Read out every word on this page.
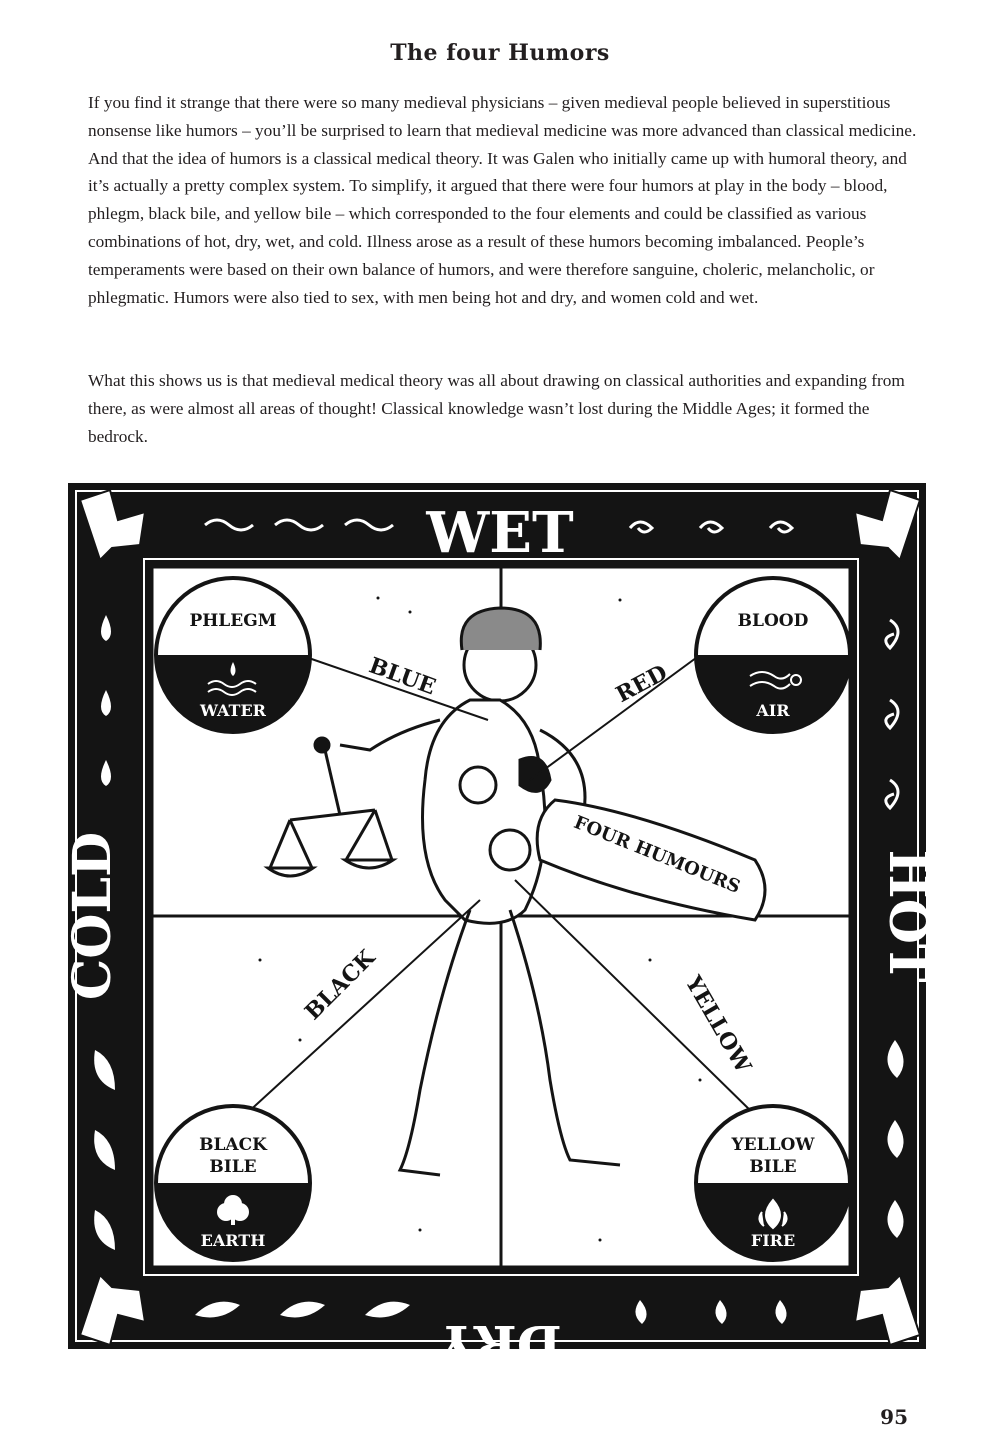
The four Humors

If you find it strange that there were so many medieval physicians – given medieval people believed in superstitious nonsense like humors – you’ll be surprised to learn that medieval medicine was more advanced than classical medicine. And that the idea of humors is a classical medical theory. It was Galen who initially came up with humoral theory, and it’s actually a pretty complex system. To simplify, it argued that there were four humors at play in the body – blood, phlegm, black bile, and yellow bile – which corresponded to the four elements and could be classified as various combinations of hot, dry, wet, and cold. Illness arose as a result of these humors becoming imbalanced. People’s temperaments were based on their own balance of humors, and were therefore sanguine, choleric, melancholic, or phlegmatic. Humors were also tied to sex, with men being hot and dry, and women cold and wet.

What this shows us is that medieval medical theory was all about drawing on classical authorities and expanding from there, as were almost all areas of thought! Classical knowledge wasn’t lost during the Middle Ages; it formed the bedrock.

WET
COLD	HOT
DRY
FOUR HUMOURS
BLUE	RED
BLACK	YELLOW
PHLEGM
WATER
BLOOD
AIR
BLACK
BILE
EARTH
YELLOW
BILE
FIRE
95
